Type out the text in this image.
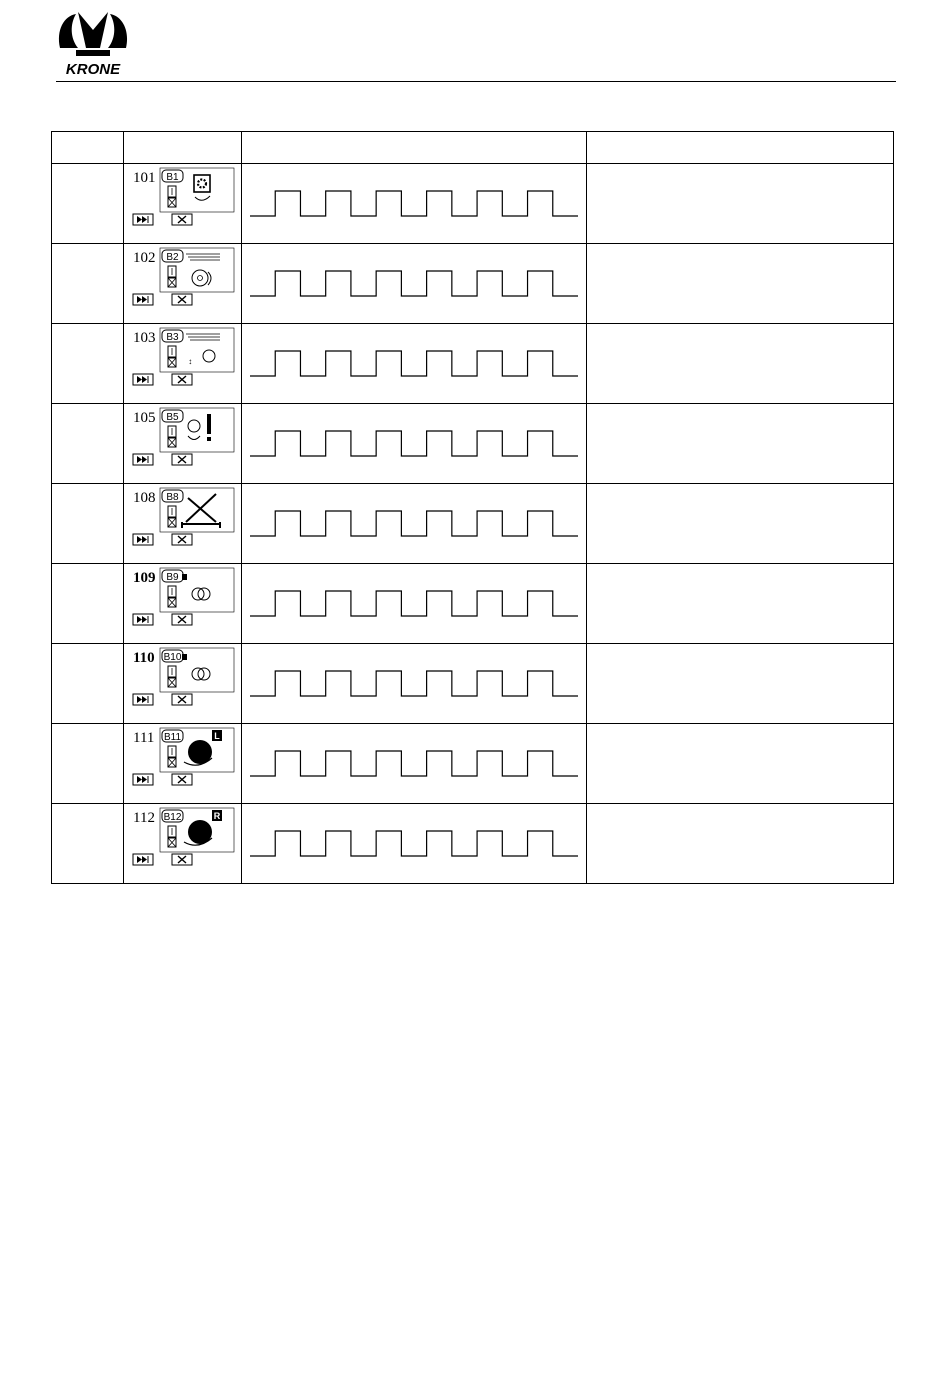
KRONE

101 B1

102 B2

103 B3
↕

105 B5

108 B8

109 B9

110 B10

111 B11 L

112 B12 R
